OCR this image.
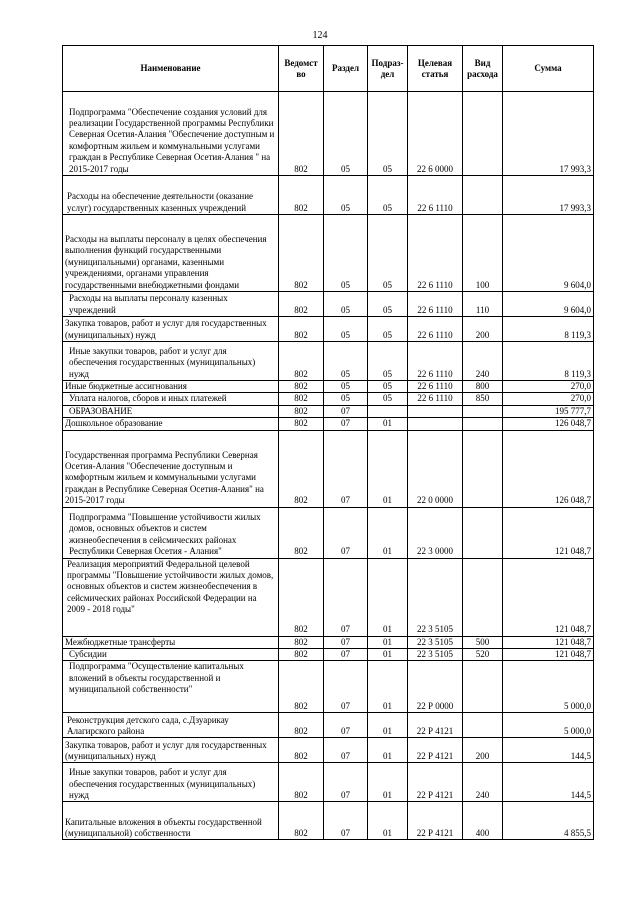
124
Наименование	Ведомст во	Раздел	Подраз- дел	Целевая статья	Вид расхода	Сумма
Подпрограмма "Обеспечение создания условий для реализации Государственной программы Республики Северная Осетия-Алания "Обеспечение доступным и комфортным жильем и коммунальными услугами граждан в Республике Северная Осетия-Алания " на 2015-2017 годы	802	05	05	22 6 0000		17 993,3
Расходы на обеспечение деятельности (оказание услуг) государственных казенных учреждений	802	05	05	22 6 1110		17 993,3
Расходы на выплаты персоналу в целях обеспечения выполнения функций государственными (муниципальными) органами, казенными учреждениями, органами управления государственными внебюджетными фондами	802	05	05	22 6 1110	100	9 604,0
Расходы на выплаты персоналу казенных учреждений	802	05	05	22 6 1110	110	9 604,0
Закупка товаров, работ и услуг для государственных (муниципальных) нужд	802	05	05	22 6 1110	200	8 119,3
Иные закупки товаров, работ и услуг для обеспечения государственных (муниципальных) нужд	802	05	05	22 6 1110	240	8 119,3
Иные бюджетные ассигнования	802	05	05	22 6 1110	800	270,0
Уплата налогов, сборов и иных платежей	802	05	05	22 6 1110	850	270,0
ОБРАЗОВАНИЕ	802	07				195 777,7
Дошкольное образование	802	07	01			126 048,7
Государственная программа Республики Северная Осетия-Алания "Обеспечение доступным и комфортным жильем и коммунальными услугами граждан в Республике Северная Осетия-Алания" на 2015-2017 годы	802	07	01	22 0 0000		126 048,7
Подпрограмма "Повышение устойчивости жилых домов, основных объектов и систем жизнеобеспечения в сейсмических районах Республики Северная Осетия - Алания"	802	07	01	22 3 0000		121 048,7
Реализация мероприятий Федеральной целевой программы "Повышение устойчивости жилых домов, основных объектов и систем жизнеобеспечения в сейсмических районах Российской Федерации на 2009 - 2018 годы"	802	07	01	22 3 5105		121 048,7
Межбюджетные трансферты	802	07	01	22 3 5105	500	121 048,7
Субсидии	802	07	01	22 3 5105	520	121 048,7
Подпрограмма "Осуществление капитальных вложений в объекты государственной и муниципальной собственности"	802	07	01	22 Р 0000		5 000,0
Реконструкция детского сада, с.Дзуарикау Алагирского района	802	07	01	22 Р 4121		5 000,0
Закупка товаров, работ и услуг для государственных (муниципальных) нужд	802	07	01	22 Р 4121	200	144,5
Иные закупки товаров, работ и услуг для обеспечения государственных (муниципальных) нужд	802	07	01	22 Р 4121	240	144,5
Капитальные вложения в объекты государственной (муниципальной) собственности	802	07	01	22 Р 4121	400	4 855,5
